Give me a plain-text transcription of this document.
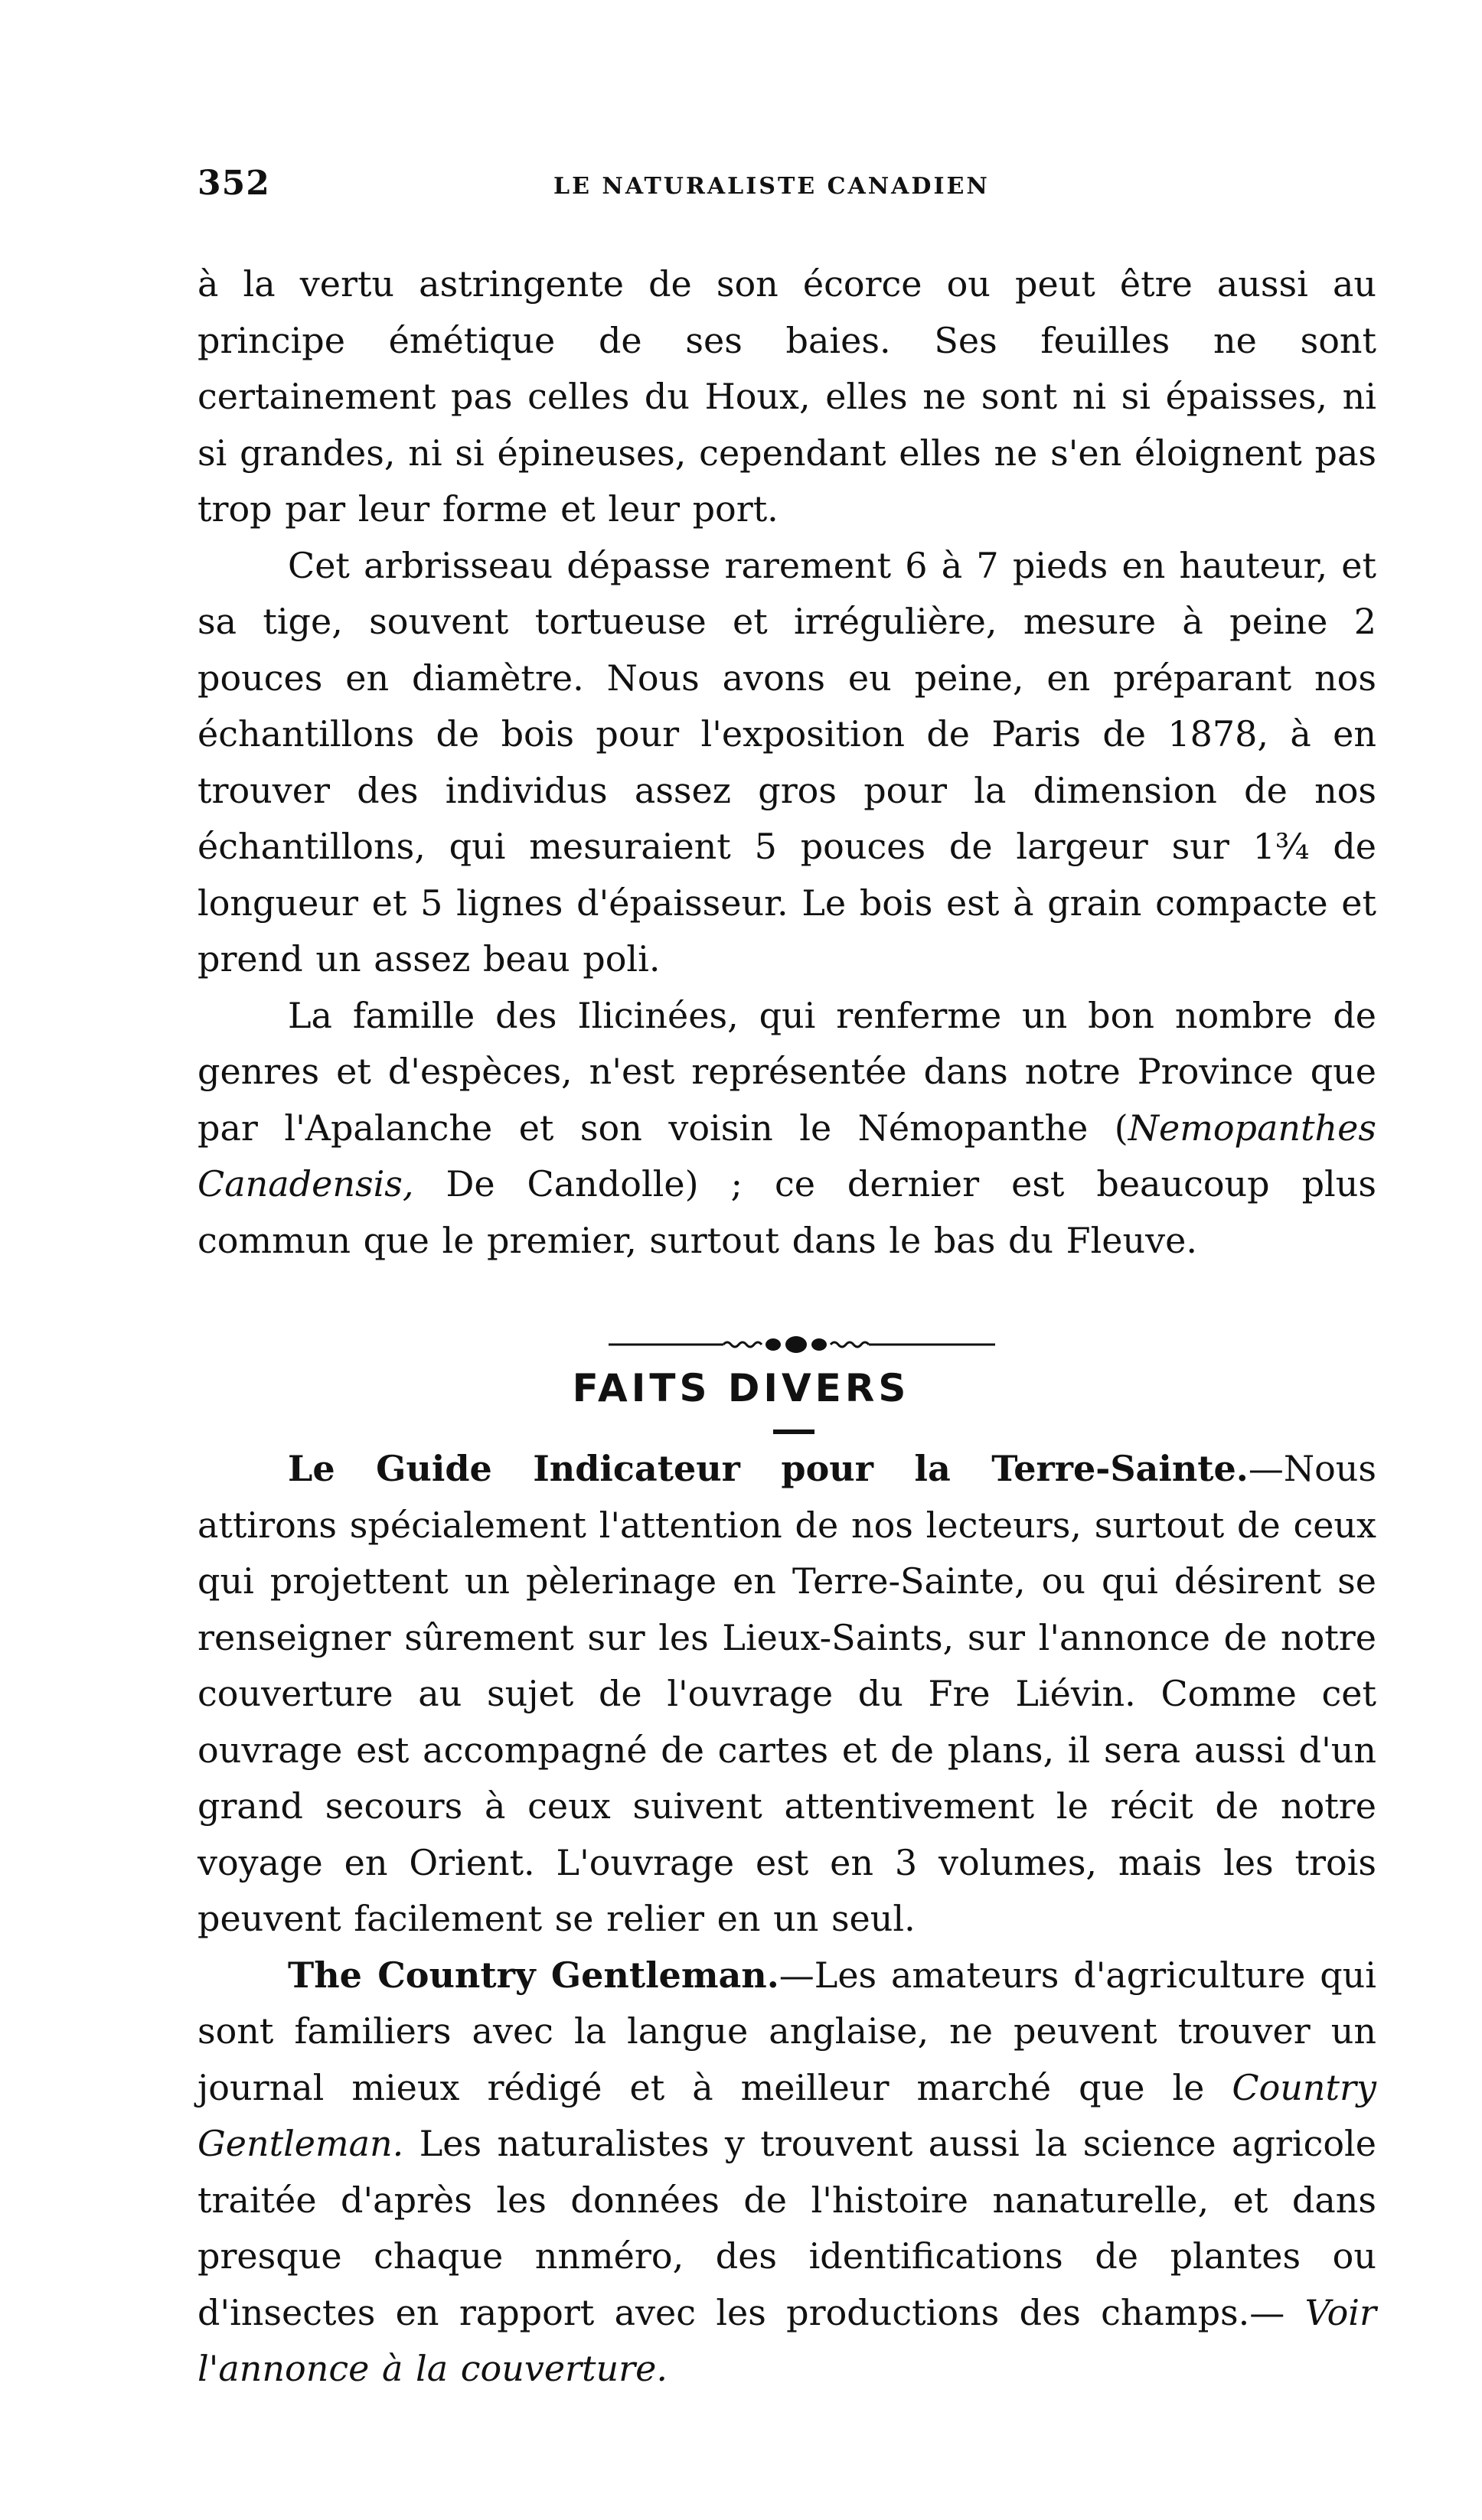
352	LE NATURALISTE CANADIEN

à la vertu astringente de son écorce ou peut être aussi au principe émétique de ses baies. Ses feuilles ne sont certainement pas celles du Houx, elles ne sont ni si épaisses, ni si grandes, ni si épineuses, cependant elles ne s'en éloignent pas trop par leur forme et leur port.

Cet arbrisseau dépasse rarement 6 à 7 pieds en hauteur, et sa tige, souvent tortueuse et irrégulière, mesure à peine 2 pouces en diamètre. Nous avons eu peine, en préparant nos échantillons de bois pour l'exposition de Paris de 1878, à en trouver des individus assez gros pour la dimension de nos échantillons, qui mesuraient 5 pouces de largeur sur 1¾ de longueur et 5 lignes d'épaisseur. Le bois est à grain compacte et prend un assez beau poli.

La famille des Ilicinées, qui renferme un bon nombre de genres et d'espèces, n'est représentée dans notre Province que par l'Apalanche et son voisin le Némopanthe (Nemopanthes Canadensis, De Candolle) ; ce dernier est beaucoup plus commun que le premier, surtout dans le bas du Fleuve.

FAITS DIVERS

Le Guide Indicateur pour la Terre-Sainte.—Nous attirons spécialement l'attention de nos lecteurs, surtout de ceux qui projettent un pèlerinage en Terre-Sainte, ou qui désirent se renseigner sûrement sur les Lieux-Saints, sur l'annonce de notre couverture au sujet de l'ouvrage du Fre Liévin. Comme cet ouvrage est accompagné de cartes et de plans, il sera aussi d'un grand secours à ceux suivent attentivement le récit de notre voyage en Orient. L'ouvrage est en 3 volumes, mais les trois peuvent facilement se relier en un seul.

The Country Gentleman.—Les amateurs d'agriculture qui sont familiers avec la langue anglaise, ne peuvent trouver un journal mieux rédigé et à meilleur marché que le Country Gentleman. Les naturalistes y trouvent aussi la science agricole traitée d'après les données de l'histoire nanaturelle, et dans presque chaque nnméro, des identifications de plantes ou d'insectes en rapport avec les productions des champs.— Voir l'annonce à la couverture.
